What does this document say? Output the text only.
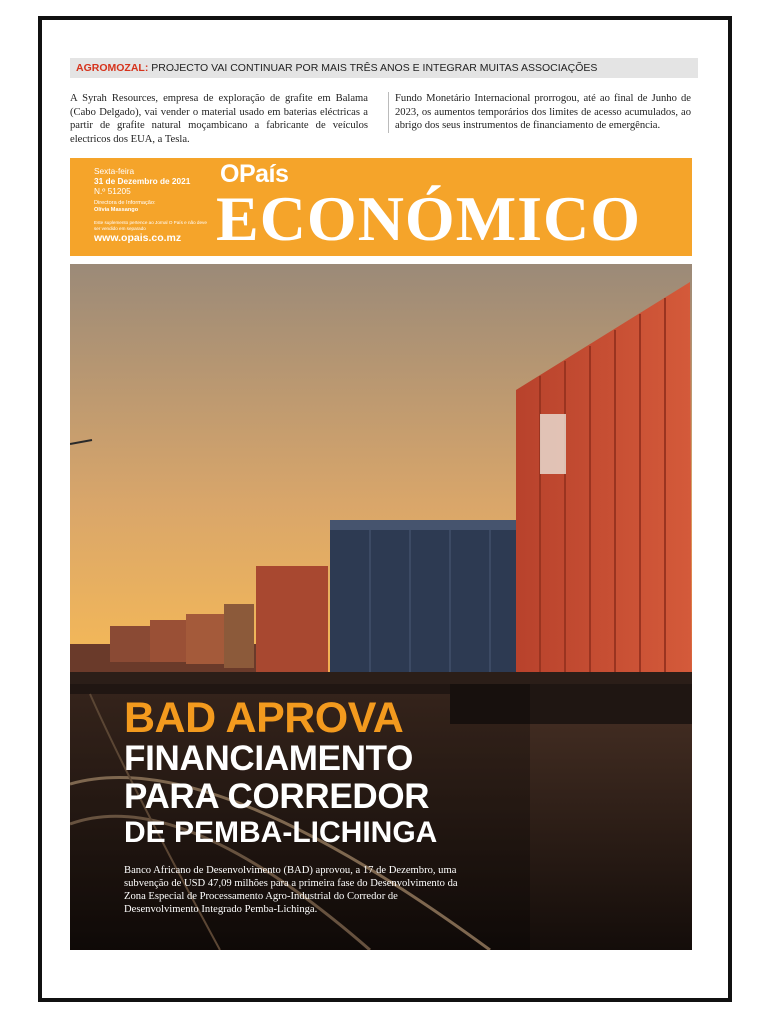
AGROMOZAL: PROJECTO VAI CONTINUAR POR MAIS TRÊS ANOS E INTEGRAR MUITAS ASSOCIAÇÕES
A Syrah Resources, empresa de exploração de grafite em Balama (Cabo Delgado), vai vender o material usado em baterias eléctricas a partir de grafite natural moçambicano a fabricante de veículos electricos dos EUA, a Tesla.
Fundo Monetário Internacional prorrogou, até ao final de Junho de 2023, os aumentos temporários dos limites de acesso acumulados, ao abrigo dos seus instrumentos de financiamento de emergência.
Sexta-feira
31 de Dezembro de 2021
N.º 51205
Directora de Informação:
Olívia Massango
Este suplemento pertence ao Jornal O País e não deve ser vendido em separado
www.opais.co.mz
OPaís
ECONÓMICO
BAD APROVA
FINANCIAMENTO
PARA CORREDOR
DE PEMBA-LICHINGA
Banco Africano de Desenvolvimento (BAD) aprovou, a 17 de Dezembro, uma subvenção de USD 47,09 milhões para a primeira fase do Desenvolvimento da Zona Especial de Processamento Agro-Industrial do Corredor de Desenvolvimento Integrado Pemba-Lichinga.
